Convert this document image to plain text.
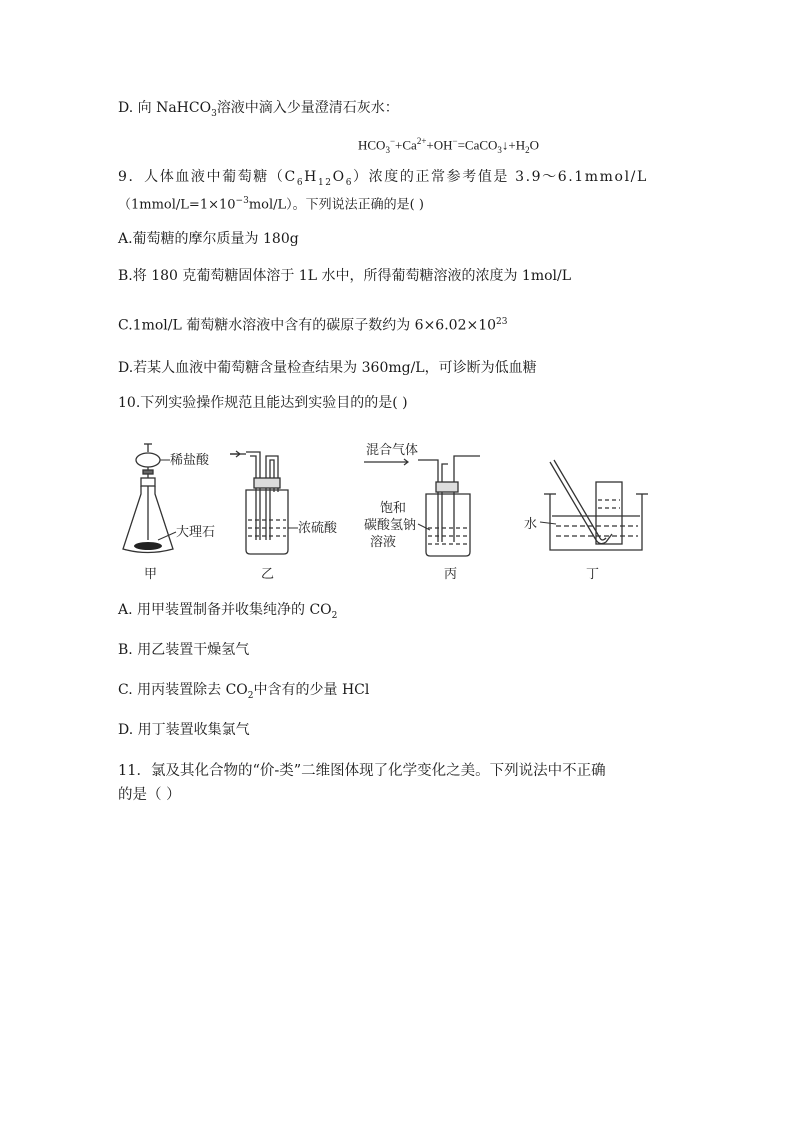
D. 向 NaHCO$_3$溶液中滴入少量澄清石灰水：
$HCO_3^-+Ca^{2+}+OH^-=CaCO_3↓+H_2O$
9．人体血液中葡萄糖$(C_6H_{12}O_6)$浓度的正常参考值是 3.9～6.1mmol/L
$(1mmol/L=1\times 10^{-3}mol/L)$。下列说法正确的是( )
A.葡萄糖的摩尔质量为 180g
B.将 180 克葡萄糖固体溶于 1L 水中，所得葡萄糖溶液的浓度为 1mol/L
C.1mol/L 葡萄糖水溶液中含有的碳原子数约为 $6\times 6.02\times 10^{23}$
D.若某人血液中葡萄糖含量检查结果为 360mg/L，可诊断为低血糖
10.下列实验操作规范且能达到实验目的的是( )
稀盐酸
大理石
甲
浓硫酸
乙
混合气体
饱和
碳酸氢钠
溶液
丙
水
丁
A. 用甲装置制备并收集纯净的 $CO_2$
B. 用乙装置干燥氢气
C. 用丙装置除去 $CO_2$中含有的少量 HCl
D. 用丁装置收集氯气
11．氯及其化合物的“价-类”二维图体现了化学变化之美。下列说法中不正确
的是（ ）
